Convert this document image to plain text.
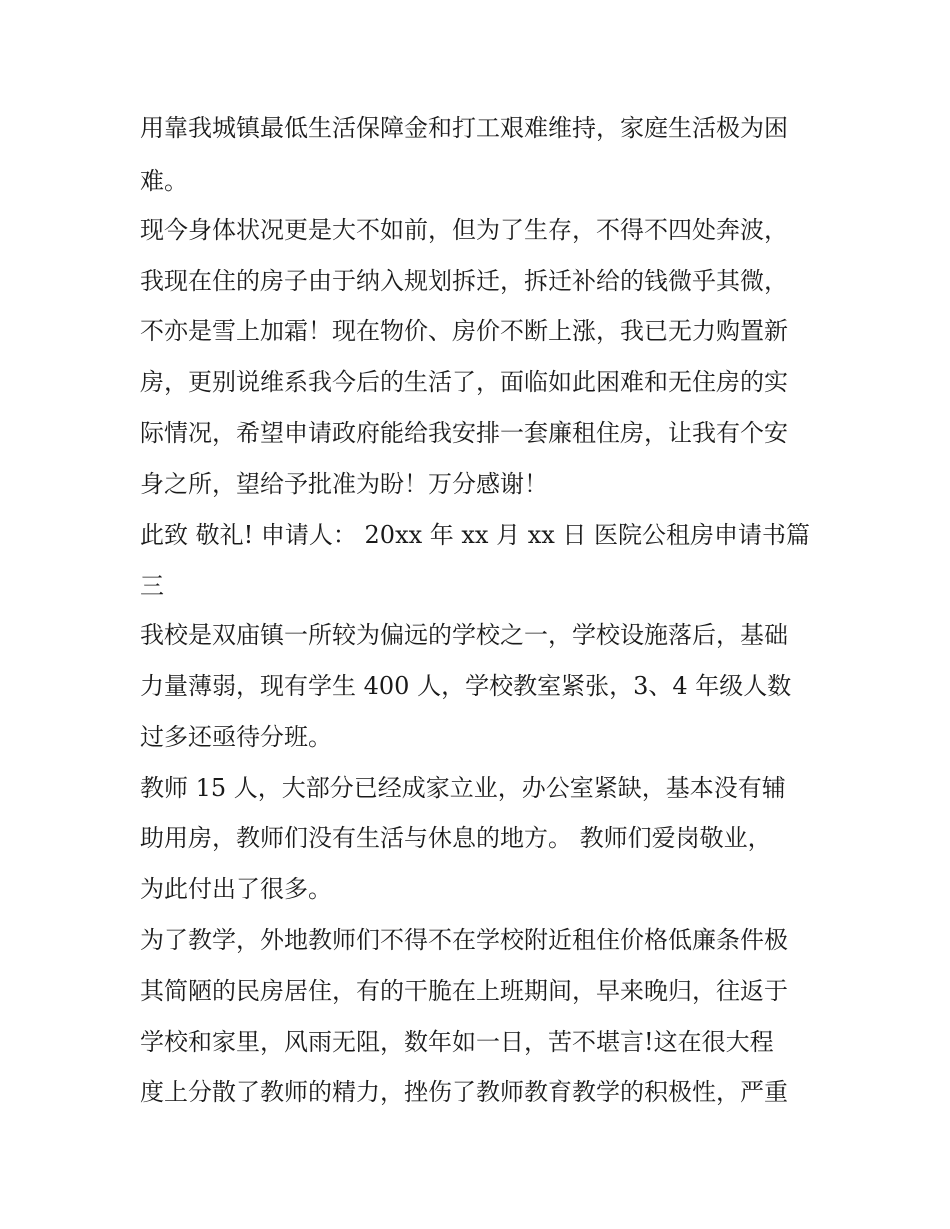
用靠我城镇最低生活保障金和打工艰难维持，家庭生活极为困
难。
现今身体状况更是大不如前，但为了生存，不得不四处奔波，
我现在住的房子由于纳入规划拆迁，拆迁补给的钱微乎其微，
不亦是雪上加霜！现在物价、房价不断上涨，我已无力购置新
房，更别说维系我今后的生活了，面临如此困难和无住房的实
际情况，希望申请政府能给我安排一套廉租住房，让我有个安
身之所，望给予批准为盼！万分感谢！
此致 敬礼! 申请人： 20xx 年 xx 月 xx 日 医院公租房申请书篇
三
我校是双庙镇一所较为偏远的学校之一，学校设施落后，基础
力量薄弱，现有学生 400 人，学校教室紧张，3、4 年级人数
过多还亟待分班。
教师 15 人，大部分已经成家立业，办公室紧缺，基本没有辅
助用房，教师们没有生活与休息的地方。 教师们爱岗敬业，
为此付出了很多。
为了教学，外地教师们不得不在学校附近租住价格低廉条件极
其简陋的民房居住，有的干脆在上班期间，早来晚归，往返于
学校和家里，风雨无阻，数年如一日，苦不堪言!这在很大程
度上分散了教师的精力，挫伤了教师教育教学的积极性，严重
